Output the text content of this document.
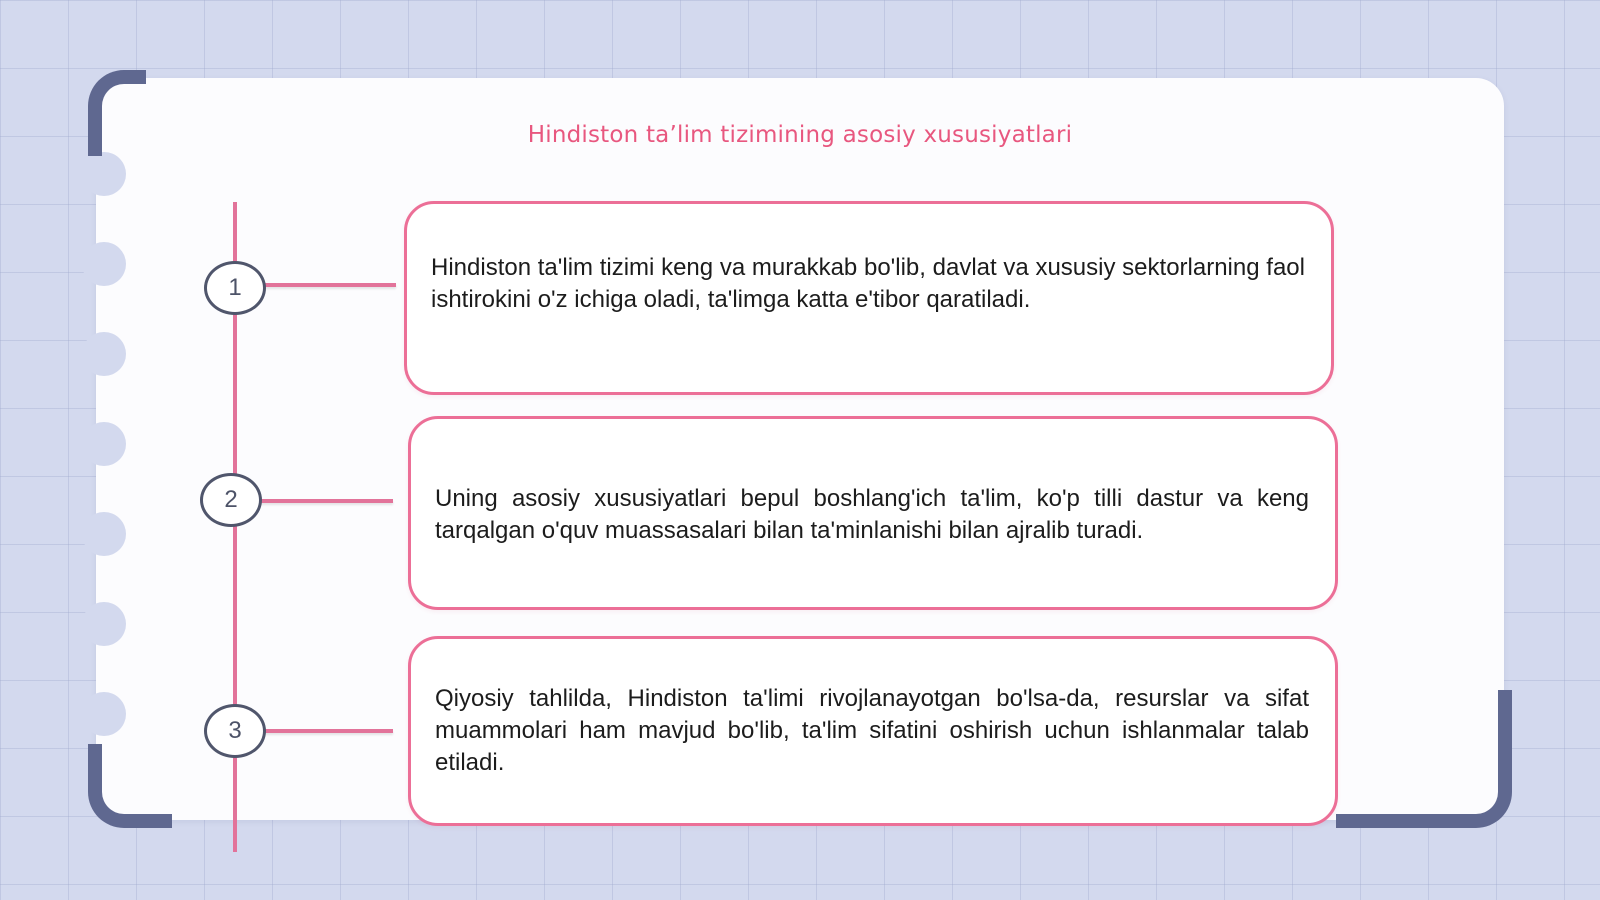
Hindiston ta’lim tizimining asosiy xususiyatlari
1
Hindiston ta'lim tizimi keng va murakkab bo'lib, davlat va xususiy sektorlarning faol ishtirokini o'z ichiga oladi, ta'limga katta e'tibor qaratiladi.
2	Uning asosiy xususiyatlari bepul boshlang'ich ta'lim, ko'p tilli dastur va keng tarqalgan o'quv muassasalari bilan ta'minlanishi bilan ajralib turadi.
3
Qiyosiy tahlilda, Hindiston ta'limi rivojlanayotgan bo'lsa-da, resurslar va sifat muammolari ham mavjud bo'lib, ta'lim sifatini oshirish uchun ishlanmalar talab etiladi.
